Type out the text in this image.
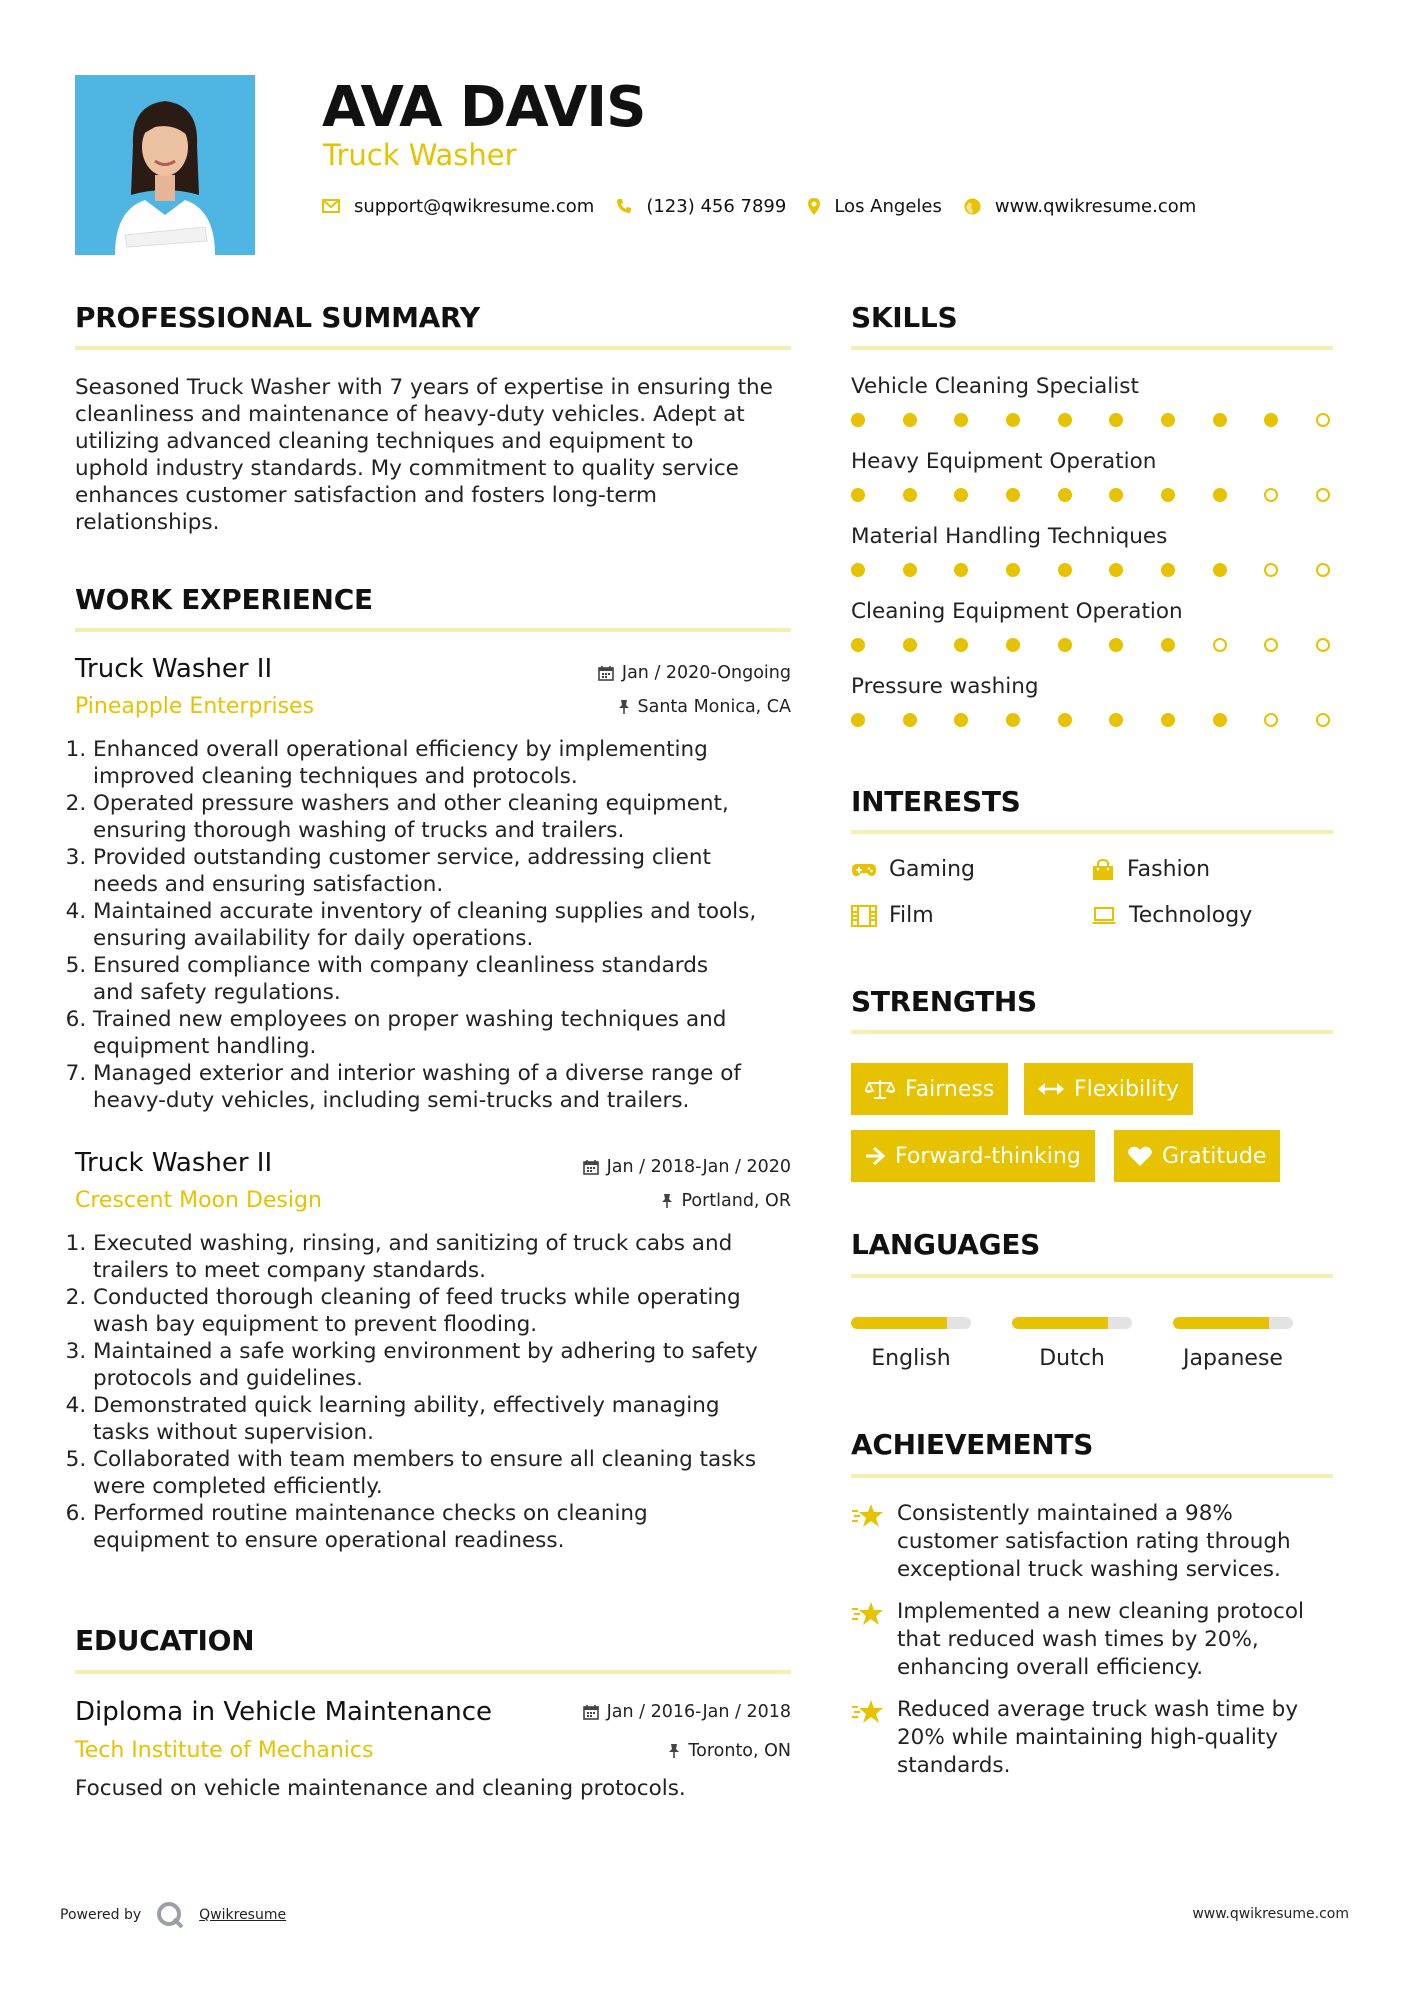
AVA DAVIS
Truck Washer
support@qwikresume.com	(123) 456 7899	Los Angeles	www.qwikresume.com
PROFESSIONAL SUMMARY
Seasoned Truck Washer with 7 years of expertise in ensuring the
cleanliness and maintenance of heavy-duty vehicles. Adept at
utilizing advanced cleaning techniques and equipment to
uphold industry standards. My commitment to quality service
enhances customer satisfaction and fosters long-term
relationships.
WORK EXPERIENCE
Truck Washer II	Jan / 2020-Ongoing
Pineapple Enterprises	Santa Monica, CA
1. Enhanced overall operational efficiency by implementing
improved cleaning techniques and protocols.
2. Operated pressure washers and other cleaning equipment,
ensuring thorough washing of trucks and trailers.
3. Provided outstanding customer service, addressing client
needs and ensuring satisfaction.
4. Maintained accurate inventory of cleaning supplies and tools,
ensuring availability for daily operations.
5. Ensured compliance with company cleanliness standards
and safety regulations.
6. Trained new employees on proper washing techniques and
equipment handling.
7. Managed exterior and interior washing of a diverse range of
heavy-duty vehicles, including semi-trucks and trailers.
Truck Washer II	Jan / 2018-Jan / 2020
Crescent Moon Design	Portland, OR
1. Executed washing, rinsing, and sanitizing of truck cabs and
trailers to meet company standards.
2. Conducted thorough cleaning of feed trucks while operating
wash bay equipment to prevent flooding.
3. Maintained a safe working environment by adhering to safety
protocols and guidelines.
4. Demonstrated quick learning ability, effectively managing
tasks without supervision.
5. Collaborated with team members to ensure all cleaning tasks
were completed efficiently.
6. Performed routine maintenance checks on cleaning
equipment to ensure operational readiness.
EDUCATION
Diploma in Vehicle Maintenance	Jan / 2016-Jan / 2018
Tech Institute of Mechanics	Toronto, ON
Focused on vehicle maintenance and cleaning protocols.
SKILLS
Vehicle Cleaning Specialist
Heavy Equipment Operation
Material Handling Techniques
Cleaning Equipment Operation
Pressure washing
INTERESTS
Gaming	Fashion
Film	Technology
STRENGTHS
Fairness	Flexibility
Forward-thinking	Gratitude
LANGUAGES
English	Dutch	Japanese
ACHIEVEMENTS
Consistently maintained a 98%
customer satisfaction rating through
exceptional truck washing services.
Implemented a new cleaning protocol
that reduced wash times by 20%,
enhancing overall efficiency.
Reduced average truck wash time by
20% while maintaining high-quality
standards.
Powered by	Qwikresume	www.qwikresume.com
